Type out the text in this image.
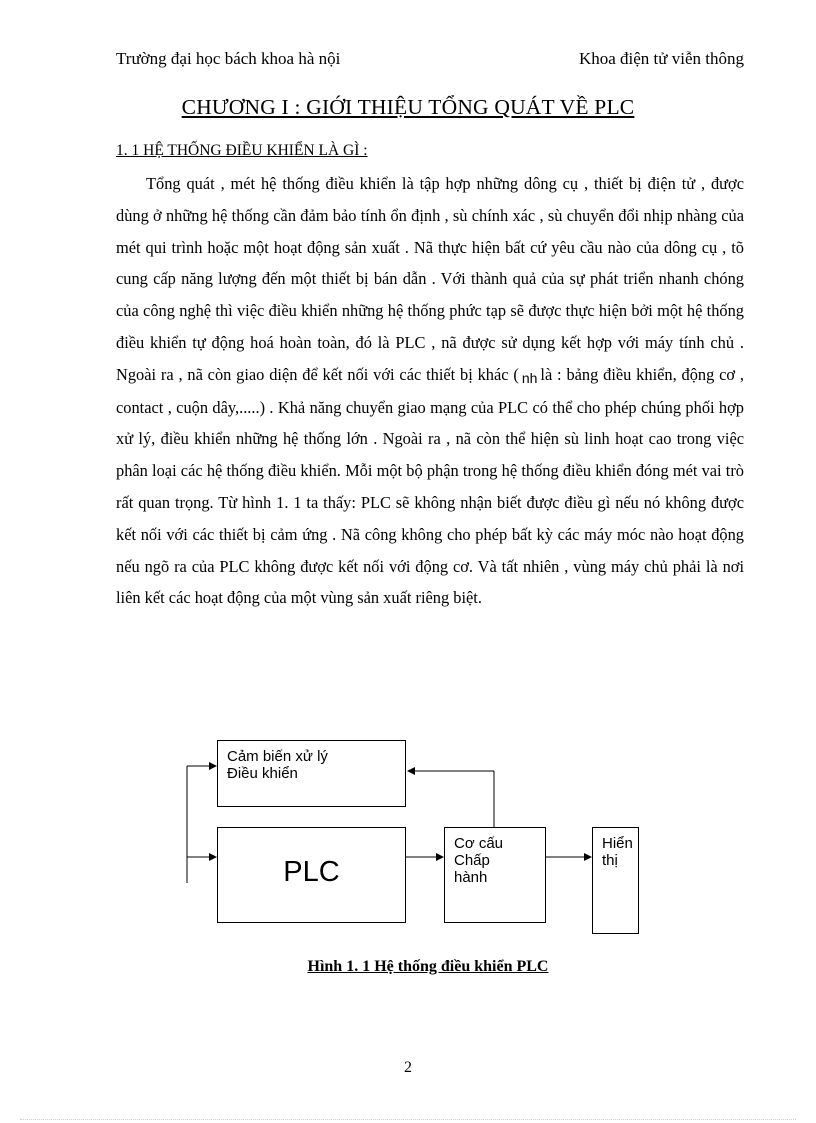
Trường đại học bách khoa hà nội	Khoa điện tử viễn thông
CHƯƠNG I : GIỚI THIỆU TỔNG QUÁT VỀ PLC
1. 1 HỆ THỐNG ĐIỀU KHIỂN LÀ GÌ :

Tổng quát , mét hệ thống điều khiển là tập hợp những dông cụ , thiết bị điện tử , được dùng ở những hệ thống cần đảm bảo tính ổn định , sù chính xác , sù chuyển đổi nhịp nhàng của mét qui trình hoặc một hoạt động sản xuất . Nã thực hiện bất cứ yêu cầu nào của dông cụ , tõ cung cấp năng lượng đến một thiết bị bán dẫn . Với thành quả của sự phát triển nhanh chóng của công nghệ thì việc điều khiển những hệ thống phức tạp sẽ được thực hiện bởi một hệ thống điều khiển tự động hoá hoàn toàn, đó là PLC , nã được sử dụng kết hợp với máy tính chủ . Ngoài ra , nã còn giao diện để kết nối với các thiết bị khác ( nh là : bảng điều khiển, động cơ , contact , cuộn dây,.....) . Khả năng chuyển giao mạng của PLC có thể cho phép chúng phối hợp xử lý, điều khiển những hệ thống lớn . Ngoài ra , nã còn thể hiện sù linh hoạt cao trong việc phân loại các hệ thống điều khiển. Mỗi một bộ phận trong hệ thống điều khiển đóng mét vai trò rất quan trọng. Từ hình 1. 1 ta thấy: PLC sẽ không nhận biết được điều gì nếu nó không được kết nối với các thiết bị cảm ứng . Nã công không cho phép bất kỳ các máy móc nào hoạt động nếu ngõ ra của PLC không được kết nối với động cơ. Và tất nhiên , vùng máy chủ phải là nơi liên kết các hoạt động của một vùng sản xuất riêng biệt.

Cảm biến xử lý
Điều khiển
PLC
Cơ cấu
Chấp
hành
Hiển
thị
Hình 1. 1 Hệ thống điều khiển PLC
2
